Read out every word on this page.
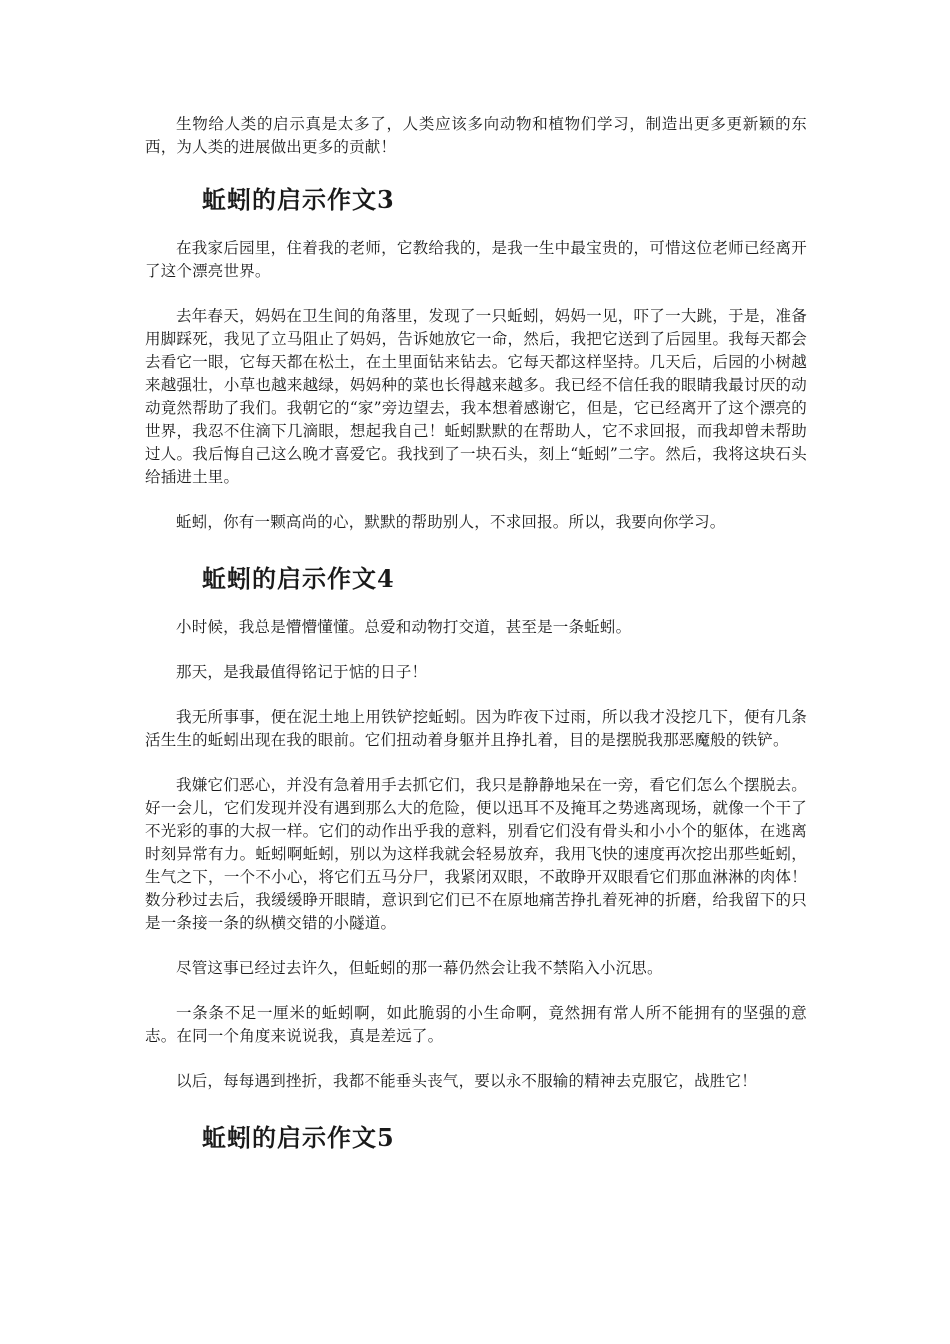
生物给人类的启示真是太多了，人类应该多向动物和植物们学习，制造出更多更新颖的东西，为人类的进展做出更多的贡献！

蚯蚓的启示作文3

在我家后园里，住着我的老师，它教给我的，是我一生中最宝贵的，可惜这位老师已经离开了这个漂亮世界。

去年春天，妈妈在卫生间的角落里，发现了一只蚯蚓，妈妈一见，吓了一大跳，于是，准备用脚踩死，我见了立马阻止了妈妈，告诉她放它一命，然后，我把它送到了后园里。我每天都会去看它一眼，它每天都在松土，在土里面钻来钻去。它每天都这样坚持。几天后，后园的小树越来越强壮，小草也越来越绿，妈妈种的菜也长得越来越多。我已经不信任我的眼睛我最讨厌的动动竟然帮助了我们。我朝它的“家”旁边望去，我本想着感谢它，但是，它已经离开了这个漂亮的世界，我忍不住滴下几滴眼，想起我自己！蚯蚓默默的在帮助人，它不求回报，而我却曾未帮助过人。我后悔自己这么晚才喜爱它。我找到了一块石头，刻上“蚯蚓”二字。然后，我将这块石头给插进土里。

蚯蚓，你有一颗高尚的心，默默的帮助别人，不求回报。所以，我要向你学习。

蚯蚓的启示作文4

小时候，我总是懵懵懂懂。总爱和动物打交道，甚至是一条蚯蚓。

那天，是我最值得铭记于惦的日子！

我无所事事，便在泥土地上用铁铲挖蚯蚓。因为昨夜下过雨，所以我才没挖几下，便有几条活生生的蚯蚓出现在我的眼前。它们扭动着身躯并且挣扎着，目的是摆脱我那恶魔般的铁铲。

我嫌它们恶心，并没有急着用手去抓它们，我只是静静地呆在一旁，看它们怎么个摆脱去。好一会儿，它们发现并没有遇到那么大的危险，便以迅耳不及掩耳之势逃离现场，就像一个干了不光彩的事的大叔一样。它们的动作出乎我的意料，别看它们没有骨头和小小个的躯体，在逃离时刻异常有力。蚯蚓啊蚯蚓，别以为这样我就会轻易放弃，我用飞快的速度再次挖出那些蚯蚓，生气之下，一个不小心，将它们五马分尸，我紧闭双眼，不敢睁开双眼看它们那血淋淋的肉体！数分秒过去后，我缓缓睁开眼睛，意识到它们已不在原地痛苦挣扎着死神的折磨，给我留下的只是一条接一条的纵横交错的小隧道。

尽管这事已经过去许久，但蚯蚓的那一幕仍然会让我不禁陷入小沉思。

一条条不足一厘米的蚯蚓啊，如此脆弱的小生命啊，竟然拥有常人所不能拥有的坚强的意志。在同一个角度来说说我，真是差远了。

以后，每每遇到挫折，我都不能垂头丧气，要以永不服输的精神去克服它，战胜它！

蚯蚓的启示作文5
